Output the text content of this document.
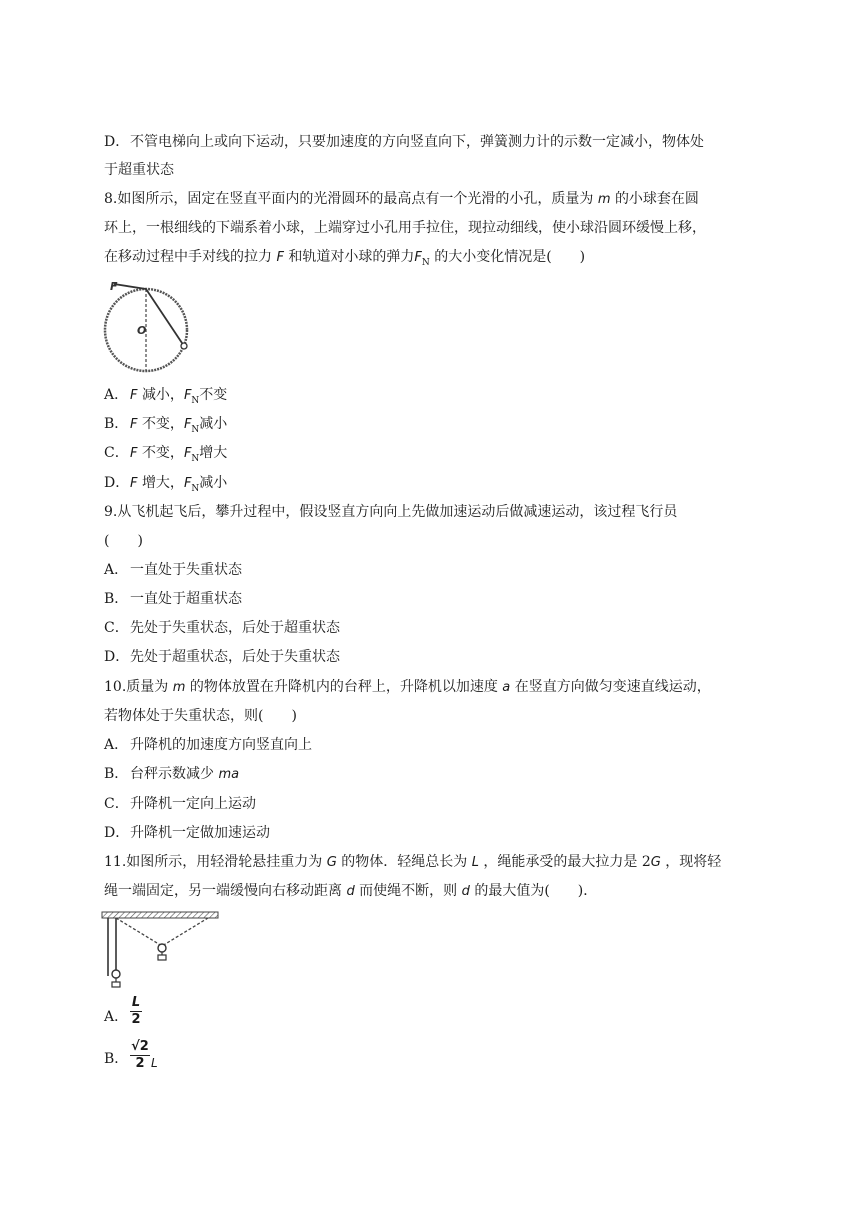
D．不管电梯向上或向下运动，只要加速度的方向竖直向下，弹簧测力计的示数一定减小，物体处
于超重状态
8.如图所示，固定在竖直平面内的光滑圆环的最高点有一个光滑的小孔，质量为 m 的小球套在圆
环上，一根细线的下端系着小球，上端穿过小孔用手拉住，现拉动细线，使小球沿圆环缓慢上移，
在移动过程中手对线的拉力 F 和轨道对小球的弹力$F_N$ 的大小变化情况是(　　)
F
O
A． F 减小，$F_N$不变
B． F 不变，$F_N$减小
C．F 不变，$F_N$增大
D．F 增大，$F_N$减小
9.从飞机起飞后，攀升过程中，假设竖直方向向上先做加速运动后做减速运动，该过程飞行员
(　　)
A． 一直处于失重状态
B． 一直处于超重状态
C．先处于失重状态，后处于超重状态
D．先处于超重状态，后处于失重状态
10.质量为 m 的物体放置在升降机内的台秤上，升降机以加速度 a 在竖直方向做匀变速直线运动，
若物体处于失重状态，则(　　)
A． 升降机的加速度方向竖直向上
B． 台秤示数减少 ma
C．升降机一定向上运动
D．升降机一定做加速运动
11.如图所示，用轻滑轮悬挂重力为 G 的物体．轻绳总长为 L ，绳能承受的最大拉力是 2G ，现将轻
绳一端固定，另一端缓慢向右移动距离 d 而使绳不断，则 d 的最大值为(　　)．
A．
L
2
B．
√2
2 L
